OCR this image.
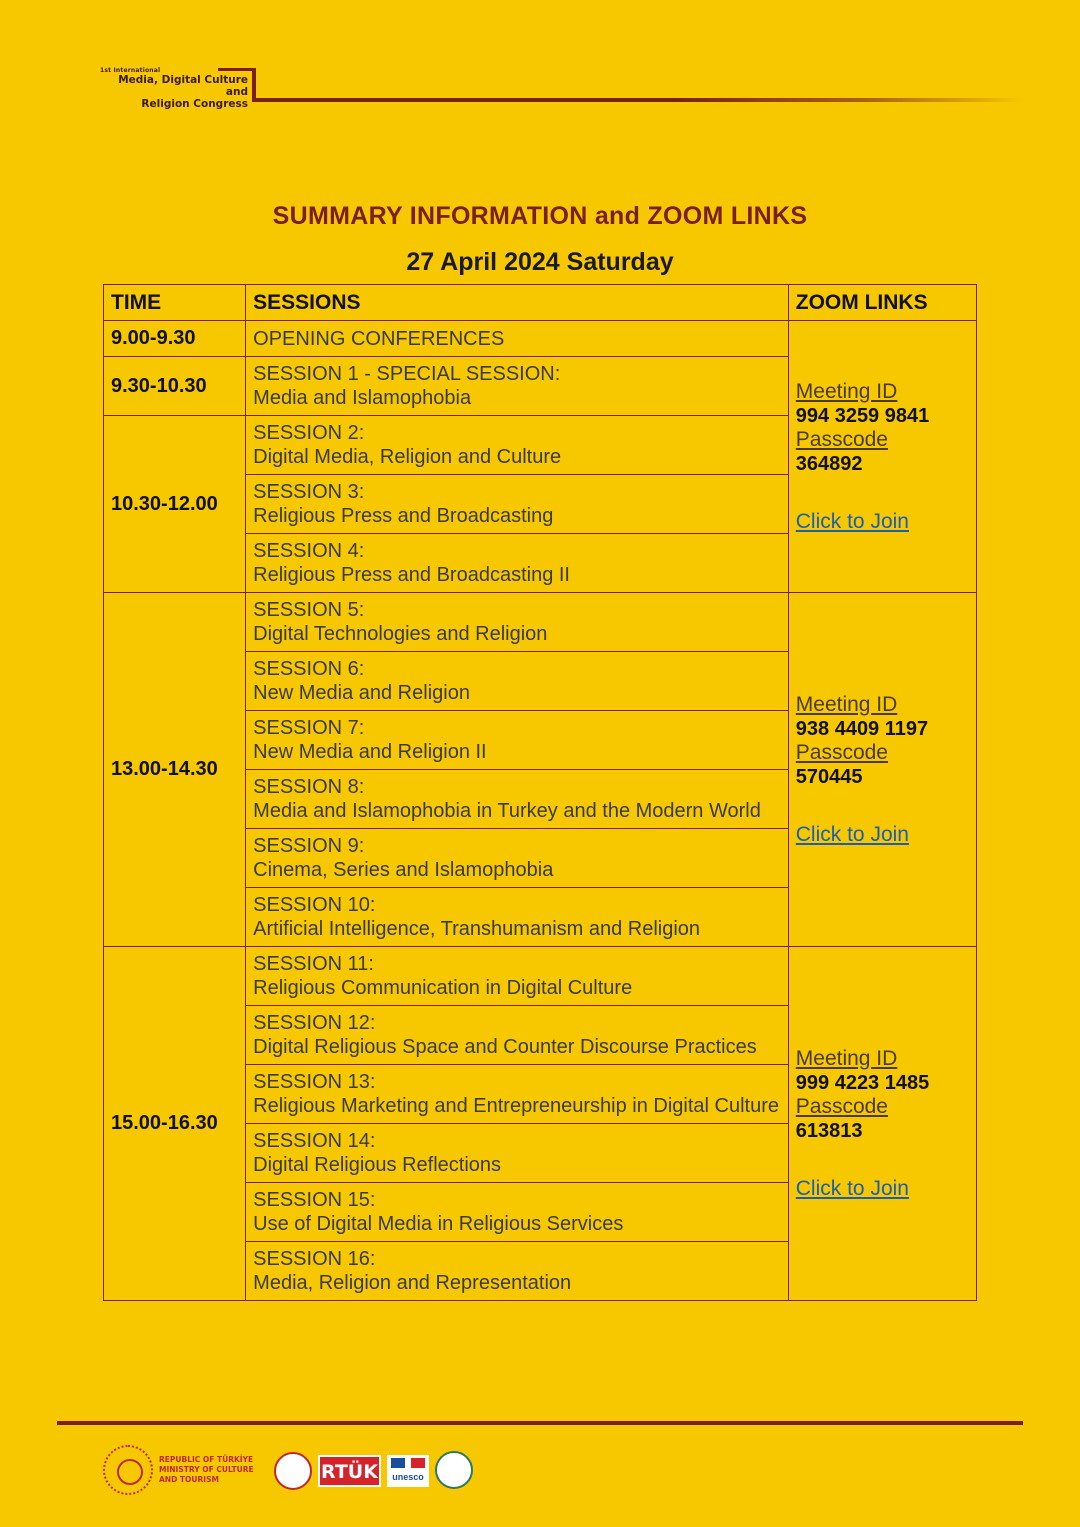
1st International
Media, Digital Culture and
Religion Congress
SUMMARY INFORMATION and ZOOM LINKS
27 April 2024 Saturday
TIME	SESSIONS	ZOOM LINKS
9.00-9.30	OPENING CONFERENCES	Meeting ID
994 3259 9841
Passcode
364892
Click to Join

9.30-10.30	SESSION 1 - SPECIAL SESSION:
Media and Islamophobia	

10.30-12.00	SESSION 2:
Digital Media, Religion and Culture	

	SESSION 3:
Religious Press and Broadcasting	

	SESSION 4:
Religious Press and Broadcasting II	

13.00-14.30	SESSION 5:
Digital Technologies and Religion	Meeting ID
938 4409 1197
Passcode
570445
Click to Join

	SESSION 6:
New Media and Religion	

	SESSION 7:
New Media and Religion II	

	SESSION 8:
Media and Islamophobia in Turkey and the Modern World	

	SESSION 9:
Cinema, Series and Islamophobia	

	SESSION 10:
Artificial Intelligence, Transhumanism and Religion	

15.00-16.30	SESSION 11:
Religious Communication in Digital Culture	Meeting ID
999 4223 1485
Passcode
613813
Click to Join

	SESSION 12:
Digital Religious Space and Counter Discourse Practices	

	SESSION 13:
Religious Marketing and Entrepreneurship in Digital Culture	

	SESSION 14:
Digital Religious Reflections	

	SESSION 15:
Use of Digital Media in Religious Services	

	SESSION 16:
Media, Religion and Representation	
REPUBLIC OF TÜRKİYE
MINISTRY OF CULTURE
AND TOURISM	RTÜK	unesco
